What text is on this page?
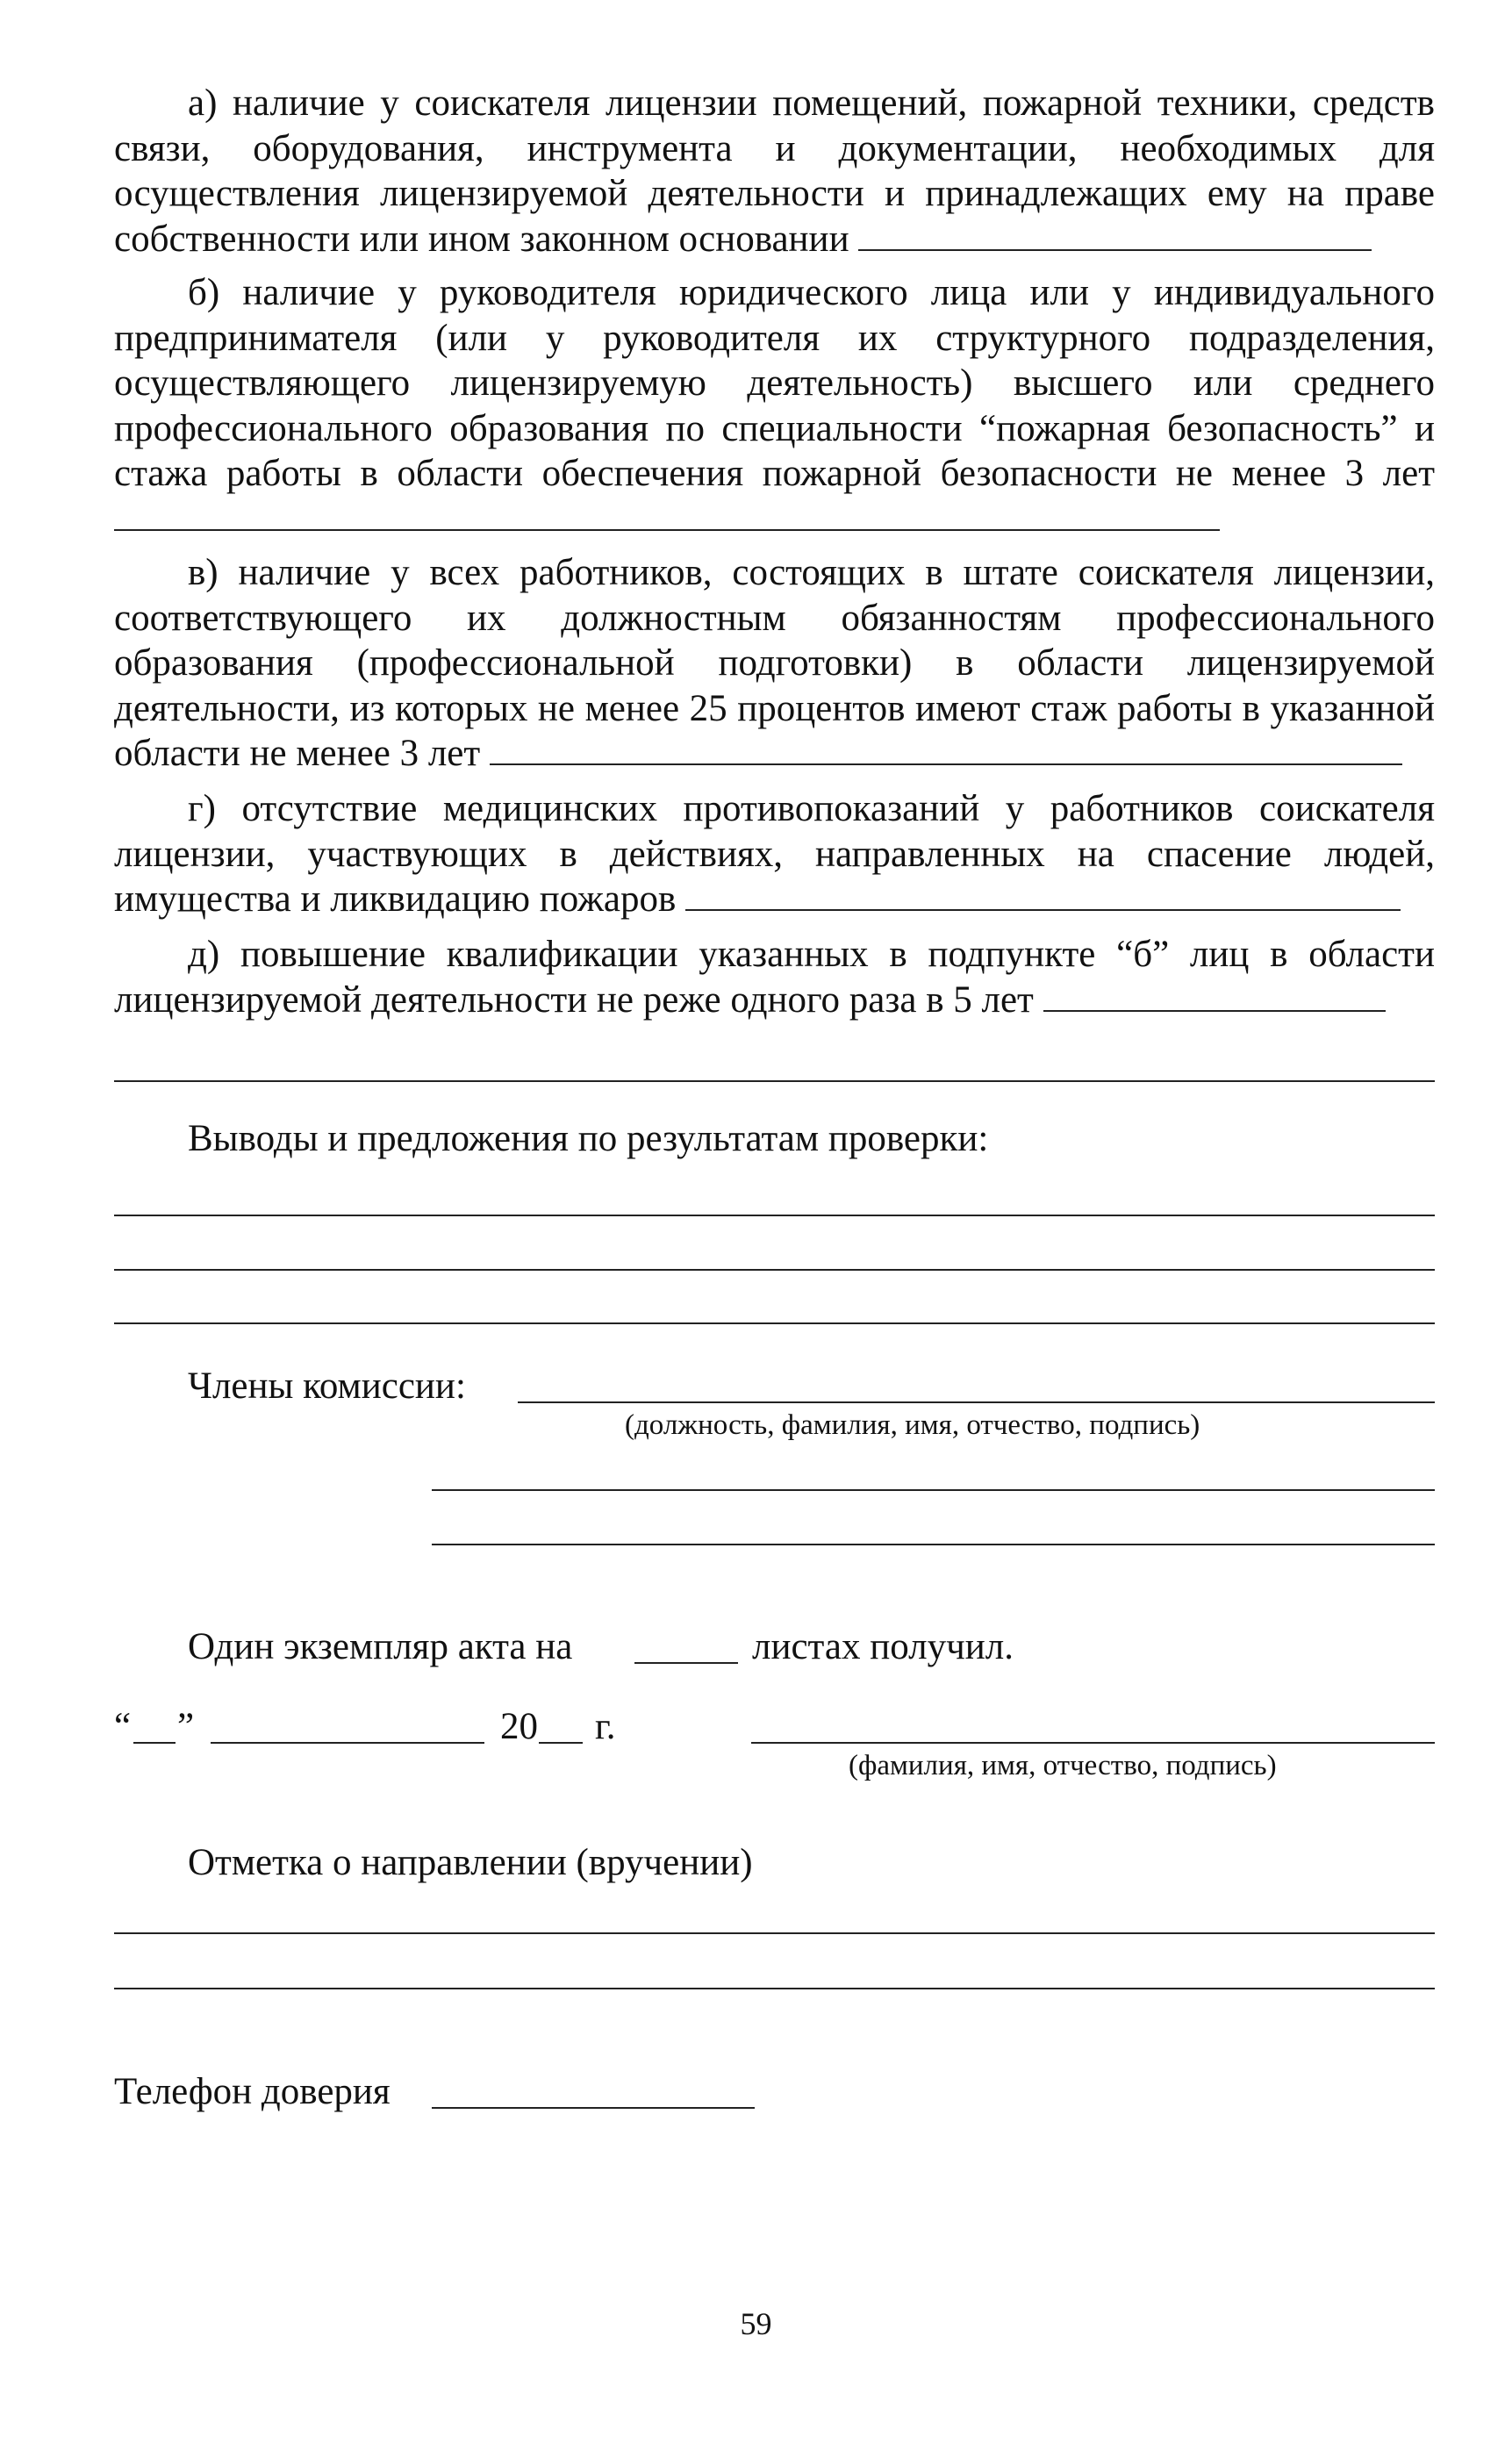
а) наличие у соискателя лицензии помещений, пожарной техники, средств связи, оборудования, инструмента и документации, необходимых для осуществления лицензируемой деятельности и принадлежащих ему на праве собственности или ином законном основании
б) наличие у руководителя юридического лица или у индивидуального предпринимателя (или у руководителя их структурного подразделения, осуществляющего лицензируемую деятельность) высшего или среднего профессионального образования по специальности “пожарная безопасность” и стажа работы в области обеспечения пожарной безопасности не менее 3 лет
в) наличие у всех работников, состоящих в штате соискателя лицензии, соответствующего их должностным обязанностям профессионального образования (профессиональной подготовки) в области лицензируемой деятельности, из которых не менее 25 процентов имеют стаж работы в указанной области не менее 3 лет
г) отсутствие медицинских противопоказаний у работников соискателя лицензии, участвующих в действиях, направленных на спасение людей, имущества и ликвидацию пожаров
д) повышение квалификации указанных в подпункте “б” лиц в области лицензируемой деятельности не реже одного раза в 5 лет
Выводы и предложения по результатам проверки:
Члены комиссии:
(должность, фамилия, имя, отчество, подпись)
Один экземпляр акта на	листах получил.
“ ”	20 г.
(фамилия, имя, отчество, подпись)
Отметка о направлении (вручении)
Телефон доверия
59
